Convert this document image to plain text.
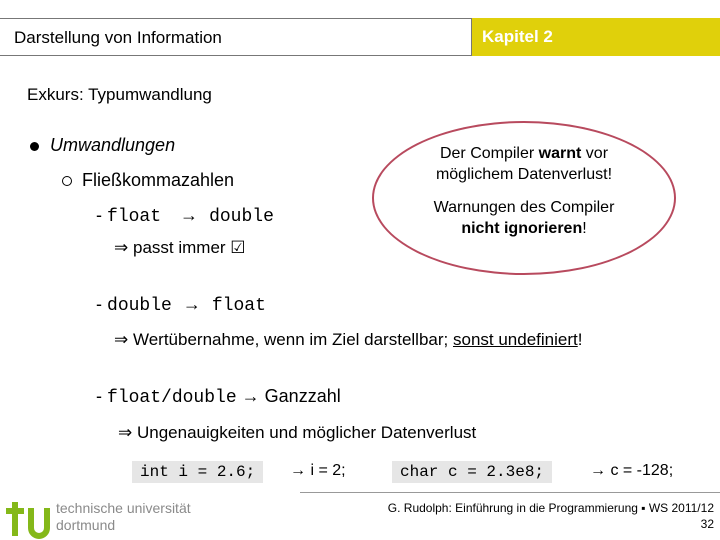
Darstellung von Information	Kapitel 2
Exkurs: Typumwandlung
Umwandlungen
Fließkommazahlen
- float → double
⇒ passt immer ☑
- double → float
⇒ Wertübernahme, wenn im Ziel darstellbar; sonst undefiniert!
- float/double → Ganzzahl
⇒ Ungenauigkeiten und möglicher Datenverlust
int i = 2.6;	→ i = 2;	char c = 2.3e8;	→ c = -128;
Der Compiler warnt vor
möglichem Datenverlust!
Warnungen des Compiler
nicht ignorieren!
technische universität
dortmund
G. Rudolph: Einführung in die Programmierung ▪ WS 2011/12
32
